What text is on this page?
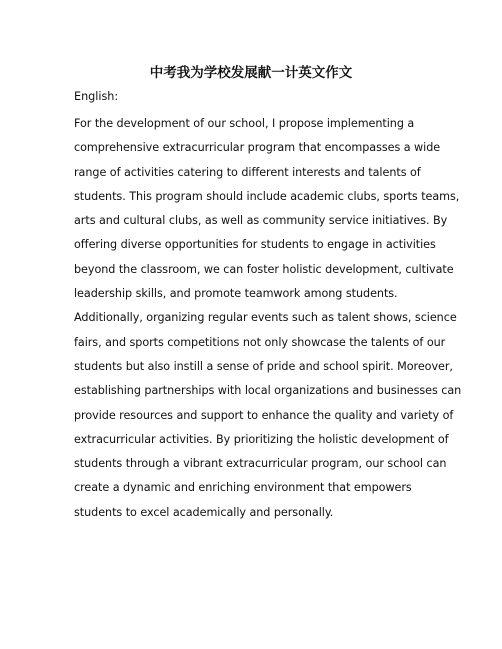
中考我为学校发展献一计英文作文

English:

For the development of our school, I propose implementing a
comprehensive extracurricular program that encompasses a wide
range of activities catering to different interests and talents of
students. This program should include academic clubs, sports teams,
arts and cultural clubs, as well as community service initiatives. By
offering diverse opportunities for students to engage in activities
beyond the classroom, we can foster holistic development, cultivate
leadership skills, and promote teamwork among students.
Additionally, organizing regular events such as talent shows, science
fairs, and sports competitions not only showcase the talents of our
students but also instill a sense of pride and school spirit. Moreover,
establishing partnerships with local organizations and businesses can
provide resources and support to enhance the quality and variety of
extracurricular activities. By prioritizing the holistic development of
students through a vibrant extracurricular program, our school can
create a dynamic and enriching environment that empowers
students to excel academically and personally.
